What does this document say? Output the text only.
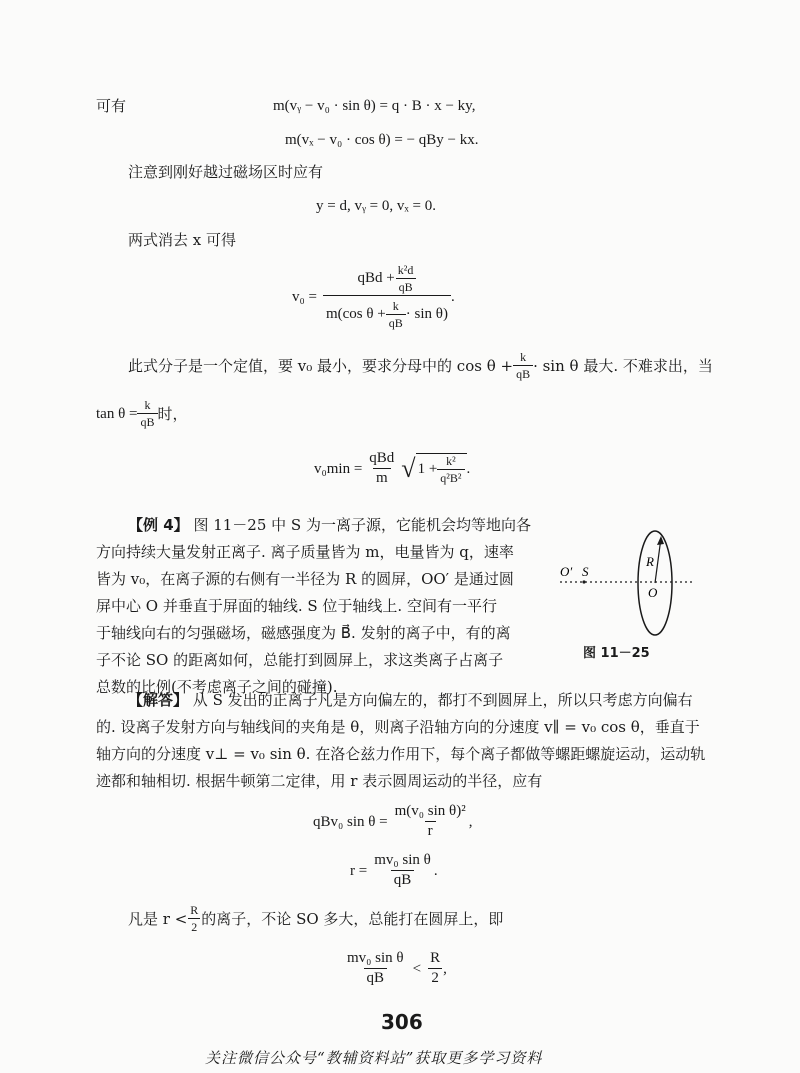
可有	m(vᵧ − v₀ · sin θ) = q · B · x − ky,
m(vₓ − v₀ · cos θ) = − qBy − kx.
注意到刚好越过磁场区时应有
y = d, vᵧ = 0, vₓ = 0.
两式消去 x 可得
$v_0 = \frac{qBd + \frac{\text{k²d}}{qB}}{m(\cos \theta + \frac{k}{qB} \cdot \sin \theta)}$ .
此式分子是一个定值，要 v₀ 最小，要求分母中的 $\cos \theta + \frac{k}{qB} \cdot \sin \theta$ 最大. 不难求出，当
$\tan \theta = \frac{k}{qB}$ 时，
$v_0\min = \frac{\text{qBd}}{m}$ √ $1 + \frac{\text{k²}}{\text{q²B²}}$ .
【例 4】 图 11－25 中 S 为一离子源，它能机会均等地向各
方向持续大量发射正离子. 离子质量皆为 m，电量皆为 q，速率
皆为 v₀，在离子源的右侧有一半径为 R 的圆屏，OO′ 是通过圆
屏中心 O 并垂直于屏面的轴线. S 位于轴线上. 空间有一平行
于轴线向右的匀强磁场，磁感强度为 B⃗. 发射的离子中，有的离
子不论 SO 的距离如何，总能打到圆屏上，求这类离子占离子
总数的比例(不考虑离子之间的碰撞).
O′ S
R
O
图 11－25
【解答】 从 S 发出的正离子凡是方向偏左的，都打不到圆屏上，所以只考虑方向偏右
的. 设离子发射方向与轴线间的夹角是 θ，则离子沿轴方向的分速度 v∥ = v₀ cos θ，垂直于
轴方向的分速度 v⊥ = v₀ sin θ. 在洛仑兹力作用下，每个离子都做等螺距螺旋运动，运动轨
迹都和轴相切. 根据牛顿第二定律，用 r 表示圆周运动的半径，应有
qBv₀ $\sin \theta = \frac{\text{m(v₀ sin θ)²}}{r}$ ,
$r = \frac{\text{mv₀ sin θ}}{qB}$ .
凡是 $r < \frac{R}{2}$ 的离子，不论 SO 多大，总能打在圆屏上，即
$\frac{\text{mv₀ sin θ}}{qB} < \frac{R}{2}$ ,
306
关注微信公众号“教辅资料站”获取更多学习资料
